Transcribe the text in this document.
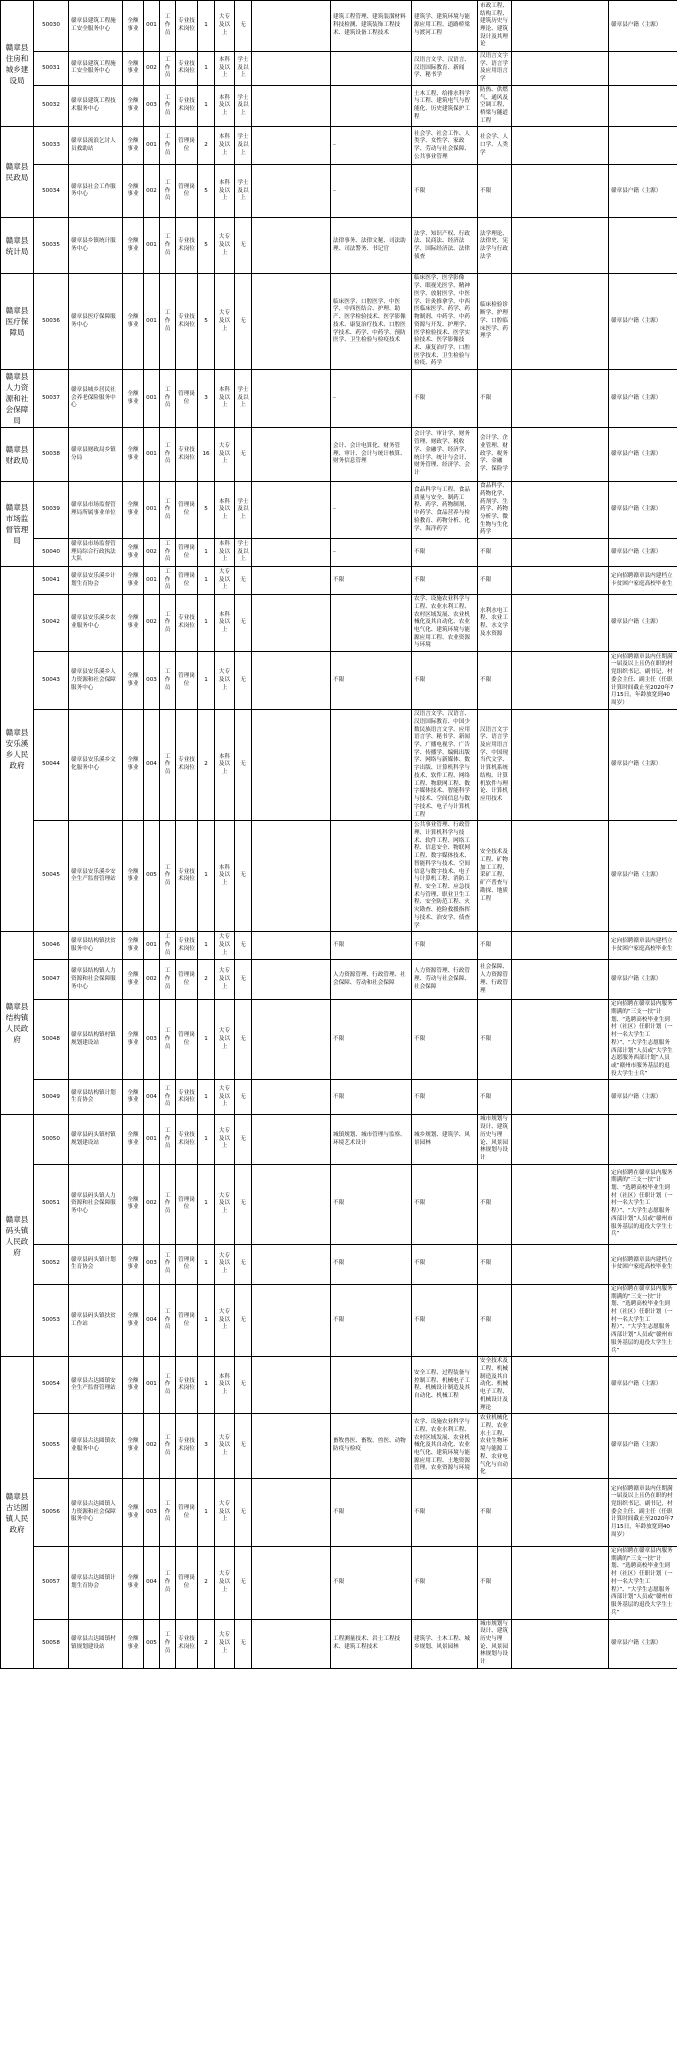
赣章县住房和城乡建设局	50030	赣章县建筑工程施工安全服务中心	全额事业	001	工作员	专业技术岗位	1	大专及以上	无		建筑工程管理、建筑装潢材料科技检测、建筑装饰工程技术、建筑设备工程技术	建筑学、建筑环境与能源应用工程、道路桥梁与渡河工程	市政工程、结构工程、建筑历史与理论、建筑设计及其理论		赣章县户籍（主源）
	50031	赣章县建筑工程施工安全服务中心	全额事业	002	工作员	专业技术岗位	1	本科及以上	学士及以上			汉语言文学、汉语言、汉语国际教育、新闻学、秘书学	汉语言文字学、语言学及应用语言学		
	50032	赣章县建筑工程技术服务中心	全额事业	003	工作员	专业技术岗位	1	本科及以上	学士及以上			土木工程、给排水科学与工程、建筑电气与智能化、历史建筑保护工程	防热、供燃气、通风及空调工程、桥梁与隧道工程		
赣章县民政局	50033	赣章县流浪乞讨人员救助站	全额事业	001	工作员	管理岗位	2	本科及以上	学士及以上		–	社会学、社会工作、人类学、女性学、家政学、劳动与社会保障、公共事业管理	社会学、人口学、人类学		
	50034	赣章县社会工作服务中心	全额事业	002	工作员	管理岗位	5	本科及以上	学士及以上		–	不限	不限		赣章县户籍（主源）
赣章县统计局	50035	赣章县乡镇统计服务中心	全额事业	001	工作员	专业技术岗位	5	大专及以上	无		法律事务、法律文秘、司法助理、司法警务、书记官	法学、知识产权、行政法、民商法、经济法学、国际经济法、法律侦查	法学理论、法律史、宪法学与行政法学		
赣章县医疗保障局	50036	赣章县医疗保障服务中心	全额事业	001	工作员	专业技术岗位	5	大专及以上	无		临床医学、口腔医学、中医学、中西医结合、护理、助产、医学检验技术、医学影像技术、康复治疗技术、口腔医学技术、药学、中药学、预防医学、卫生检验与检疫技术	临床医学、医学影像学、眼视光医学、精神医学、放射医学、中医学、针灸推拿学、中西医临床医学、药学、药物制剂、中药学、中药资源与开发、护理学、医学检验技术、医学实验技术、医学影像技术、康复治疗学、口腔医学技术、卫生检验与检疫、药学	临床检验诊断学、护理学、口腔临床医学、药理学		赣章县户籍（主源）
赣章县人力资源和社会保障局	50037	赣章县城乡居民社会养老保险服务中心	全额事业	001	工作员	管理岗位	3	本科及以上	学士及以上		–	不限	不限		赣章县户籍（主源）
赣章县财政局	50038	赣章县财政局乡镇分局	全额事业	001	工作员	专业技术岗位	16	大专及以上	无		会计、会计电算化、财务管理、审计、会计与统计核算、财务信息管理	会计学、审计学、财务管理、财政学、税收学、金融学、经济学、统计学、统计与会计、财务管理、经济学、会计	会计学、企业管理、财政学、税务学、金融学、保险学		赣章县户籍（主源）
赣章县市场监督管理局	50039	赣章县市场监督管理局所属事业单位	全额事业	001	工作员	管理岗位	5	本科及以上	学士及以上		–	食品科学与工程、食品质量与安全、制药工程、药学、药物制剂、中药学、食品营养与检验教育、药物分析、化学、海洋药学	食品科学、药物化学、药剂学、生药学、药物分析学、微生物与生化药学		赣章县户籍（主源）
	50040	赣章县市场监督管理局综合行政执法大队	全额事业	002	工作员	管理岗位	1	本科及以上	学士及以上		–	不限	不限		赣章县户籍（主源）
赣章县安乐溪乡人民政府	50041	赣章县安乐溪乡计划生育协会	全额事业	001	工作员	管理岗位	1	大专及以上	无		不限	不限	不限		定向招聘赣章县内建档立卡贫困户家庭高校毕业生
	50042	赣章县安乐溪乡农业服务中心	全额事业	002	工作员	专业技术岗位	1	本科及以上	无			农学、设施农业科学与工程、农业水利工程、农村区域发展、农业机械化及其自动化、农业电气化、建筑环境与能源应用工程、农业资源与环境	水利水电工程、农业工程、水文学及水资源		赣章县户籍（主源）
	50043	赣章县安乐溪乡人力资源和社会保障服务中心	全额事业	003	工作员	管理岗位	1	大专及以上	无		不限	不限	不限		定向招聘赣章县内任期满一届及以上且仍在职的村党组织书记、副书记，村委会主任、副主任（任职计算时间截止至2020年7月15日，年龄放宽到40周岁）
	50044	赣章县安乐溪乡文化服务中心	全额事业	004	工作员	专业技术岗位	2	本科及以上	无			汉语言文学、汉语言、汉语国际教育、中国少数民族语言文学、应用语言学、秘书学、新闻学、广播电视学、广告学、传播学、编辑出版学、网络与新媒体、数字出版、计算机科学与技术、软件工程、网络工程、物联网工程、数字媒体技术、智能科学与技术、空间信息与数字技术、电子与计算机工程	汉语言文字学、语言学及应用语言学、中国现当代文学、计算机系统结构、计算机软件与理论、计算机应用技术		赣章县户籍（主源）
	50045	赣章县安乐溪乡安全生产监督管理站	全额事业	005	工作员	专业技术岗位	1	本科及以上	无			公共事业管理、行政管理、计算机科学与技术、软件工程、网络工程、信息安全、物联网工程、数字媒体技术、智能科学与技术、空间信息与数字技术、电子与计算机工程、消防工程、安全工程、应急技术与管理、职业卫生工程、安全防范工程、火灾勘查、抢险救援指挥与技术、治安学、侦查学	安全技术及工程、矿物加工工程、采矿工程、矿产普查与勘探、地质工程		赣章县户籍（主源）
赣章县结构镇人民政府	50046	赣章县结构镇扶贫服务中心	全额事业	001	工作员	专业技术岗位	1	大专及以上	无		不限	不限	不限		定向招聘赣章县内建档立卡贫困户家庭高校毕业生
	50047	赣章县结构镇人力资源和社会保障服务中心	全额事业	002	工作员	管理岗位	2	大专及以上	无		人力资源管理、行政管理、社会保障、劳动和社会保障	人力资源管理、行政管理、劳动与社会保障、社会保障	社会保障、人力资源管理、行政管理		赣章县户籍（主源）
	50048	赣章县结构镇村镇规划建设站	全额事业	003	工作员	管理岗位	1	大专及以上	无		不限	不限	不限		定向招聘在赣章县内服务期满的“三支一扶”计划、“选聘高校毕业生到村（社区）任职计划（一村一名大学生工程）”、“大学生志愿服务西部计划”人员或“大学生志愿服务西部计划”人员或“赣州市服务基层的退役大学生士兵”
	50049	赣章县结构镇计划生育协会	全额事业	004	工作员	专业技术岗位	1	大专及以上	无		不限	不限	不限		赣章县户籍（主源）
赣章县码头镇人民政府	50050	赣章县码头镇村镇规划建设站	全额事业	001	工作员	专业技术岗位	1	大专及以上	无		城镇规划、城市管理与监察、环境艺术设计	城乡规划、建筑学、风景园林	城市规划与设计、建筑历史与理论、风景园林规划与设计		
	50051	赣章县码头镇人力资源和社会保障服务中心	全额事业	002	工作员	管理岗位	1	大专及以上	无		不限	不限	不限		定向招聘在赣章县内服务期满的“三支一扶”计划、“选聘高校毕业生到村（社区）任职计划（一村一名大学生工程）”、“大学生志愿服务西部计划”人员或“赣州市服务基层的退役大学生士兵”
	50052	赣章县码头镇计划生育协会	全额事业	003	工作员	管理岗位	1	大专及以上	无		不限	不限	不限		定向招聘赣章县内建档立卡贫困户家庭高校毕业生
	50053	赣章县码头镇扶贫工作站	全额事业	004	工作员	管理岗位	1	大专及以上	无		不限	不限	不限		定向招聘在赣章县内服务期满的“三支一扶”计划、“选聘高校毕业生到村（社区）任职计划（一村一名大学生工程）”、“大学生志愿服务西部计划”人员或“赣州市服务基层的退役大学生士兵”
赣章县古达圆镇人民政府	50054	赣章县古达圆镇安全生产监督管理站	全额事业	001	工作员	专业技术岗位	1	本科及以上	无			安全工程、过程装备与控制工程、机械电子工程、机械设计制造及其自动化、机械工程	安全技术及工程、机械制造及其自动化、机械电子工程、机械设计及理论		赣章县户籍（主源）
	50055	赣章县古达圆镇农业服务中心	全额事业	002	工作员	专业技术岗位	3	大专及以上	无		畜牧兽医、畜牧、兽医、动物防疫与检疫	农学、设施农业科学与工程、农业水利工程、农村区域发展、农业机械化及其自动化、农业电气化、建筑环境与能源应用工程、土地资源管理、农业资源与环境	农业机械化工程、农业水土工程、农业生物环境与能源工程、农业电气化与自动化		赣章县户籍（主源）
	50056	赣章县古达圆镇人力资源和社会保障服务中心	全额事业	003	工作员	管理岗位	1	大专及以上	无		不限	不限	不限		定向招聘赣章县内任期满一届及以上且仍在职的村党组织书记、副书记，村委会主任、副主任（任职计算时间截止至2020年7月15日，年龄放宽到40周岁）
	50057	赣章县古达圆镇计划生育协会	全额事业	004	工作员	管理岗位	2	大专及以上	无		不限	不限	不限		定向招聘在赣章县内服务期满的“三支一扶”计划、“选聘高校毕业生到村（社区）任职计划（一村一名大学生工程）”、“大学生志愿服务西部计划”人员或“赣州市服务基层的退役大学生士兵”
	50058	赣章县古达圆镇村镇规划建设站	全额事业	005	工作员	专业技术岗位	2	大专及以上	无		工程测量技术、岩土工程技术、建筑工程技术	建筑学、土木工程、城乡规划、风景园林	城市规划与设计、建筑历史与理论、风景园林规划与设计		赣章县户籍（主源）
